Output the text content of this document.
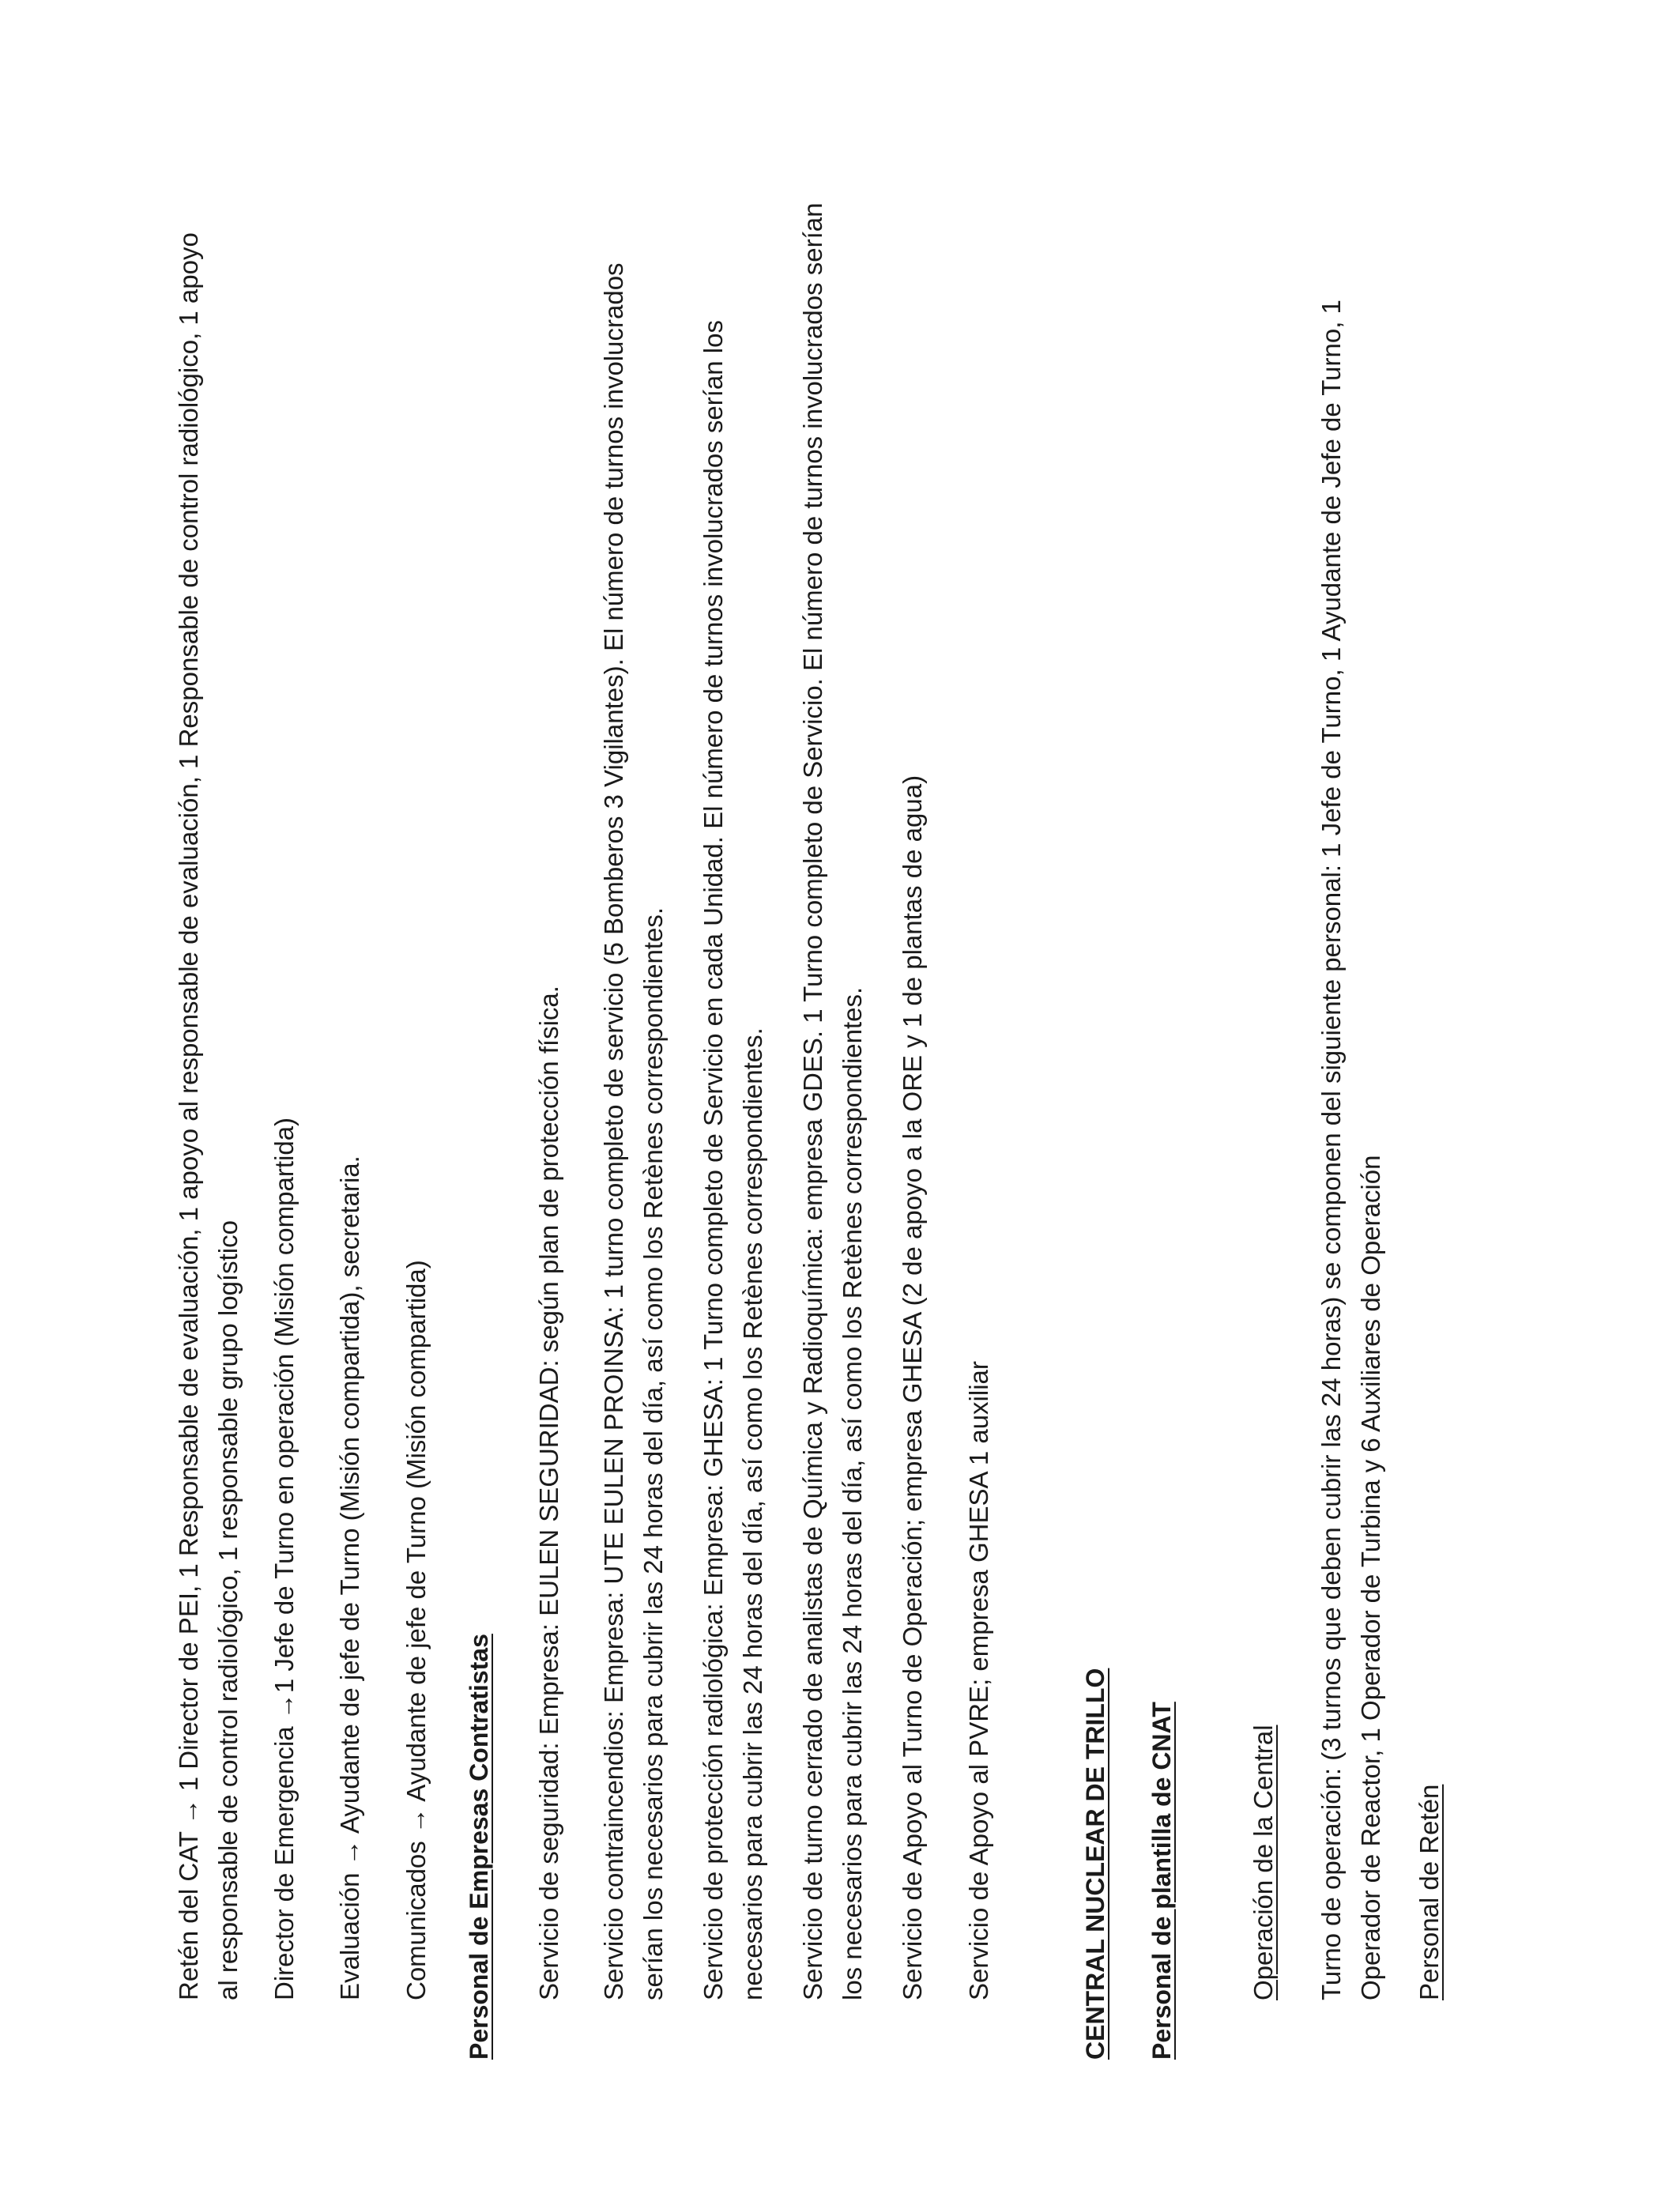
Retén del CAT → 1 Director de PEI, 1 Responsable de evaluación, 1 apoyo al responsable de evaluación, 1 Responsable de control radiológico, 1 apoyo al responsable de control radiológico, 1 responsable grupo logístico Director de Emergencia →1 Jefe de Turno en operación (Misión compartida) Evaluación → Ayudante de jefe de Turno (Misión compartida), secretaria. Comunicados → Ayudante de jefe de Turno (Misión compartida) Personal de Empresas Contratistas Servicio de seguridad: Empresa: EULEN SEGURIDAD: según plan de protección física. Servicio contraincendios: Empresa: UTE EULEN PROINSA: 1 turno completo de servicio (5 Bomberos 3 Vigilantes). El número de turnos involucrados serían los necesarios para cubrir las 24 horas del día, así como los Retènes correspondientes. Servicio de protección radiológica: Empresa: GHESA: 1 Turno completo de Servicio en cada Unidad. El número de turnos involucrados serían los necesarios para cubrir las 24 horas del día, así como los Retènes correspondientes. Servicio de turno cerrado de analistas de Química y Radioquímica: empresa GDES. 1 Turno completo de Servicio. El número de turnos involucrados serían los necesarios para cubrir las 24 horas del día, así como los Retènes correspondientes. Servicio de Apoyo al Turno de Operación; empresa GHESA (2 de apoyo a la ORE y 1 de plantas de agua) Servicio de Apoyo al PVRE; empresa GHESA 1 auxiliar	CENTRAL NUCLEAR DE TRILLO Personal de plantilla de CNAT	Operación de la Central Turno de operación: (3 turnos que deben cubrir las 24 horas) se componen del siguiente personal: 1 Jefe de Turno, 1 Ayudante de Jefe de Turno, 1 Operador de Reactor, 1 Operador de Turbina y 6 Auxiliares de Operación Personal de Retén
